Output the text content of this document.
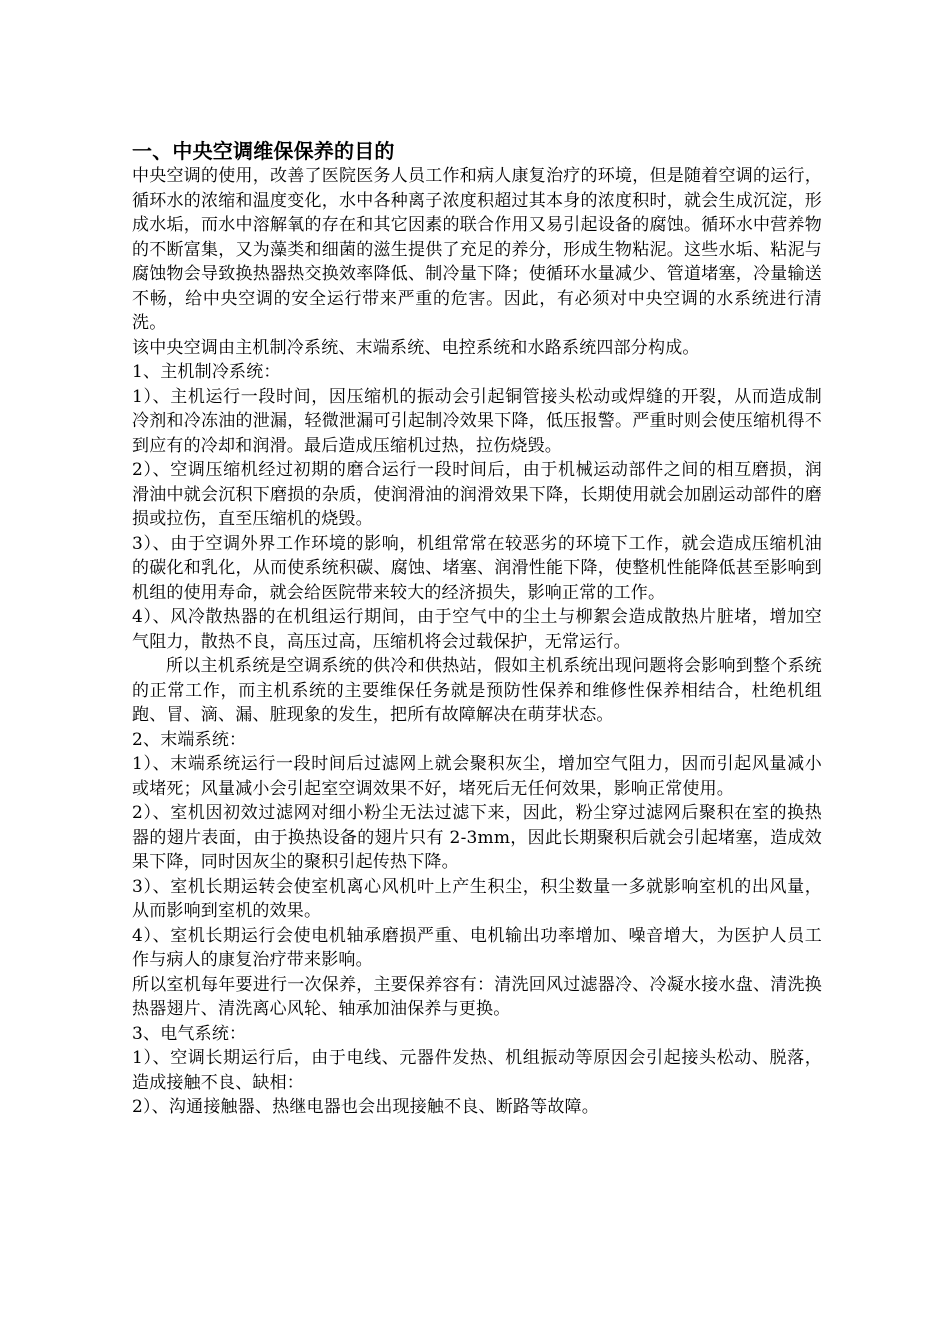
一、中央空调维保保养的目的

中央空调的使用，改善了医院医务人员工作和病人康复治疗的环境，但是随着空调的运行，循环水的浓缩和温度变化，水中各种离子浓度积超过其本身的浓度积时，就会生成沉淀，形成水垢，而水中溶解氧的存在和其它因素的联合作用又易引起设备的腐蚀。循环水中营养物的不断富集，又为藻类和细菌的滋生提供了充足的养分，形成生物粘泥。这些水垢、粘泥与腐蚀物会导致换热器热交换效率降低、制冷量下降；使循环水量减少、管道堵塞，冷量输送不畅，给中央空调的安全运行带来严重的危害。因此，有必须对中央空调的水系统进行清洗。

该中央空调由主机制冷系统、末端系统、电控系统和水路系统四部分构成。

1、主机制冷系统：

1）、主机运行一段时间，因压缩机的振动会引起铜管接头松动或焊缝的开裂，从而造成制冷剂和冷冻油的泄漏，轻微泄漏可引起制冷效果下降，低压报警。严重时则会使压缩机得不到应有的冷却和润滑。最后造成压缩机过热，拉伤烧毁。

2）、空调压缩机经过初期的磨合运行一段时间后，由于机械运动部件之间的相互磨损，润滑油中就会沉积下磨损的杂质，使润滑油的润滑效果下降，长期使用就会加剧运动部件的磨损或拉伤，直至压缩机的烧毁。

3）、由于空调外界工作环境的影响，机组常常在较恶劣的环境下工作，就会造成压缩机油的碳化和乳化，从而使系统积碳、腐蚀、堵塞、润滑性能下降，使整机性能降低甚至影响到机组的使用寿命，就会给医院带来较大的经济损失，影响正常的工作。

4）、风冷散热器的在机组运行期间，由于空气中的尘土与柳絮会造成散热片脏堵，增加空气阻力，散热不良，高压过高，压缩机将会过载保护，无常运行。

所以主机系统是空调系统的供冷和供热站，假如主机系统出现问题将会影响到整个系统的正常工作，而主机系统的主要维保任务就是预防性保养和维修性保养相结合，杜绝机组跑、冒、滴、漏、脏现象的发生，把所有故障解决在萌芽状态。

2、末端系统：

1）、末端系统运行一段时间后过滤网上就会聚积灰尘，增加空气阻力，因而引起风量减小或堵死；风量减小会引起室空调效果不好，堵死后无任何效果，影响正常使用。

2）、室机因初效过滤网对细小粉尘无法过滤下来，因此，粉尘穿过滤网后聚积在室的换热器的翅片表面，由于换热设备的翅片只有 2-3mm，因此长期聚积后就会引起堵塞，造成效果下降，同时因灰尘的聚积引起传热下降。

3）、室机长期运转会使室机离心风机叶上产生积尘，积尘数量一多就影响室机的出风量，从而影响到室机的效果。

4）、室机长期运行会使电机轴承磨损严重、电机输出功率增加、噪音增大，为医护人员工作与病人的康复治疗带来影响。

所以室机每年要进行一次保养，主要保养容有：清洗回风过滤器冷、冷凝水接水盘、清洗换热器翅片、清洗离心风轮、轴承加油保养与更换。

3、电气系统：

1）、空调长期运行后，由于电线、元器件发热、机组振动等原因会引起接头松动、脱落，造成接触不良、缺相：

2）、沟通接触器、热继电器也会出现接触不良、断路等故障。
